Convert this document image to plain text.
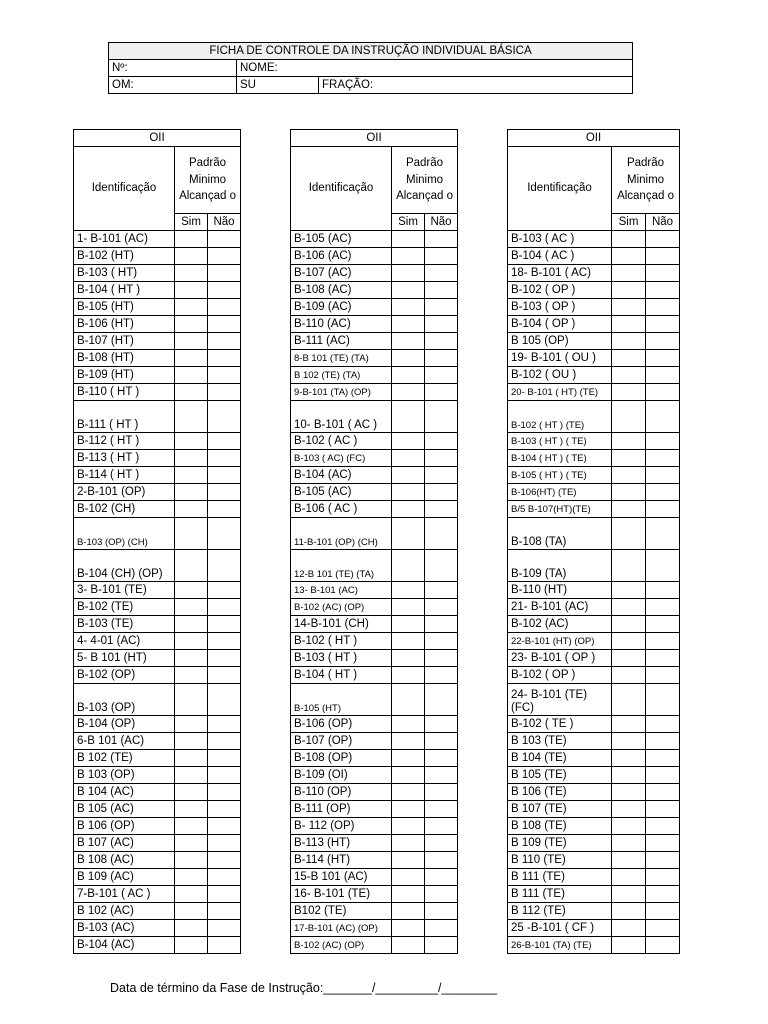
FICHA DE CONTROLE DA INSTRUÇÃO INDIVIDUAL BÁSICA		
Nº:	NOME:	
OM:	SU	FRAÇÃO:
OII		
Identificação	Padrão Minimo Alcançad o	
	Sim	Não
1- B-101 (AC)		
B-102 (HT)		
B-103 ( HT)		
B-104 ( HT )		
B-105 (HT)		
B-106 (HT)		
B-107 (HT)		
B-108 (HT)		
B-109 (HT)		
B-110 ( HT )		
B-111 ( HT )		
B-112 ( HT )		
B-113 ( HT )		
B-114 ( HT )		
2-B-101 (OP)		
B-102 (CH)		
B-103 (OP) (CH)		
B-104 (CH) (OP)		
3- B-101 (TE)		
B-102 (TE)		
B-103 (TE)		
4- 4-01 (AC)		
5- B 101 (HT)		
B-102 (OP)		
B-103 (OP)		
B-104 (OP)		
6-B 101 (AC)		
B 102 (TE)		
B 103 (OP)		
B 104 (AC)		
B 105 (AC)		
B 106 (OP)		
B 107 (AC)		
B 108 (AC)		
B 109 (AC)		
7-B-101 ( AC )		
B 102 (AC)		
B-103 (AC)		
B-104 (AC)		
OII		
Identificação	Padrão Minimo Alcançad o	
	Sim	Não
B-105 (AC)		
B-106 (AC)		
B-107 (AC)		
B-108 (AC)		
B-109 (AC)		
B-110 (AC)		
B-111 (AC)		
8-B 101 (TE) (TA)		
B 102 (TE) (TA)		
9-B-101 (TA) (OP)		
10- B-101 ( AC )		
B-102 ( AC )		
B-103 ( AC) (FC)		
B-104 (AC)		
B-105 (AC)		
B-106 ( AC )		
11-B-101 (OP) (CH)		
12-B 101 (TE) (TA)		
13- B-101 (AC)		
B-102 (AC) (OP)		
14-B-101 (CH)		
B-102 ( HT )		
B-103 ( HT )		
B-104 ( HT )		
B-105 (HT)		
B-106 (OP)		
B-107 (OP)		
B-108 (OP)		
B-109 (OI)		
B-110 (OP)		
B-111 (OP)		
B- 112 (OP)		
B-113 (HT)		
B-114 (HT)		
15-B 101 (AC)		
16- B-101 (TE)		
B102 (TE)		
17-B-101 (AC) (OP)		
B-102 (AC) (OP)		
OII		
Identificação	Padrão Minimo Alcançad o	
	Sim	Não
B-103 ( AC )		
B-104 ( AC )		
18- B-101 ( AC)		
B-102 ( OP )		
B-103 ( OP )		
B-104 ( OP )		
B 105 (OP)		
19- B-101 ( OU )		
B-102 ( OU )		
20- B-101 ( HT) (TE)		
B-102 ( HT ) (TE)		
B-103 ( HT ) ( TE)		
B-104 ( HT ) ( TE)		
B-105 ( HT ) ( TE)		
B-106(HT) (TE)		
B/5 B-107(HT)(TE)		
B-108 (TA)		
B-109 (TA)		
B-110 (HT)		
21- B-101 (AC)		
B-102 (AC)		
22-B-101 (HT) (OP)		
23- B-101 ( OP )		
B-102 ( OP )		
24- B-101 (TE) (FC)		
B-102 ( TE )		
B 103 (TE)		
B 104 (TE)		
B 105 (TE)		
B 106 (TE)		
B 107 (TE)		
B 108 (TE)		
B 109 (TE)		
B 110 (TE)		
B 111 (TE)		
B 111 (TE)		
B 112 (TE)		
25 -B-101 ( CF )		
26-B-101 (TA) (TE)		
Data de término da Fase de Instrução:_______/_________/________
